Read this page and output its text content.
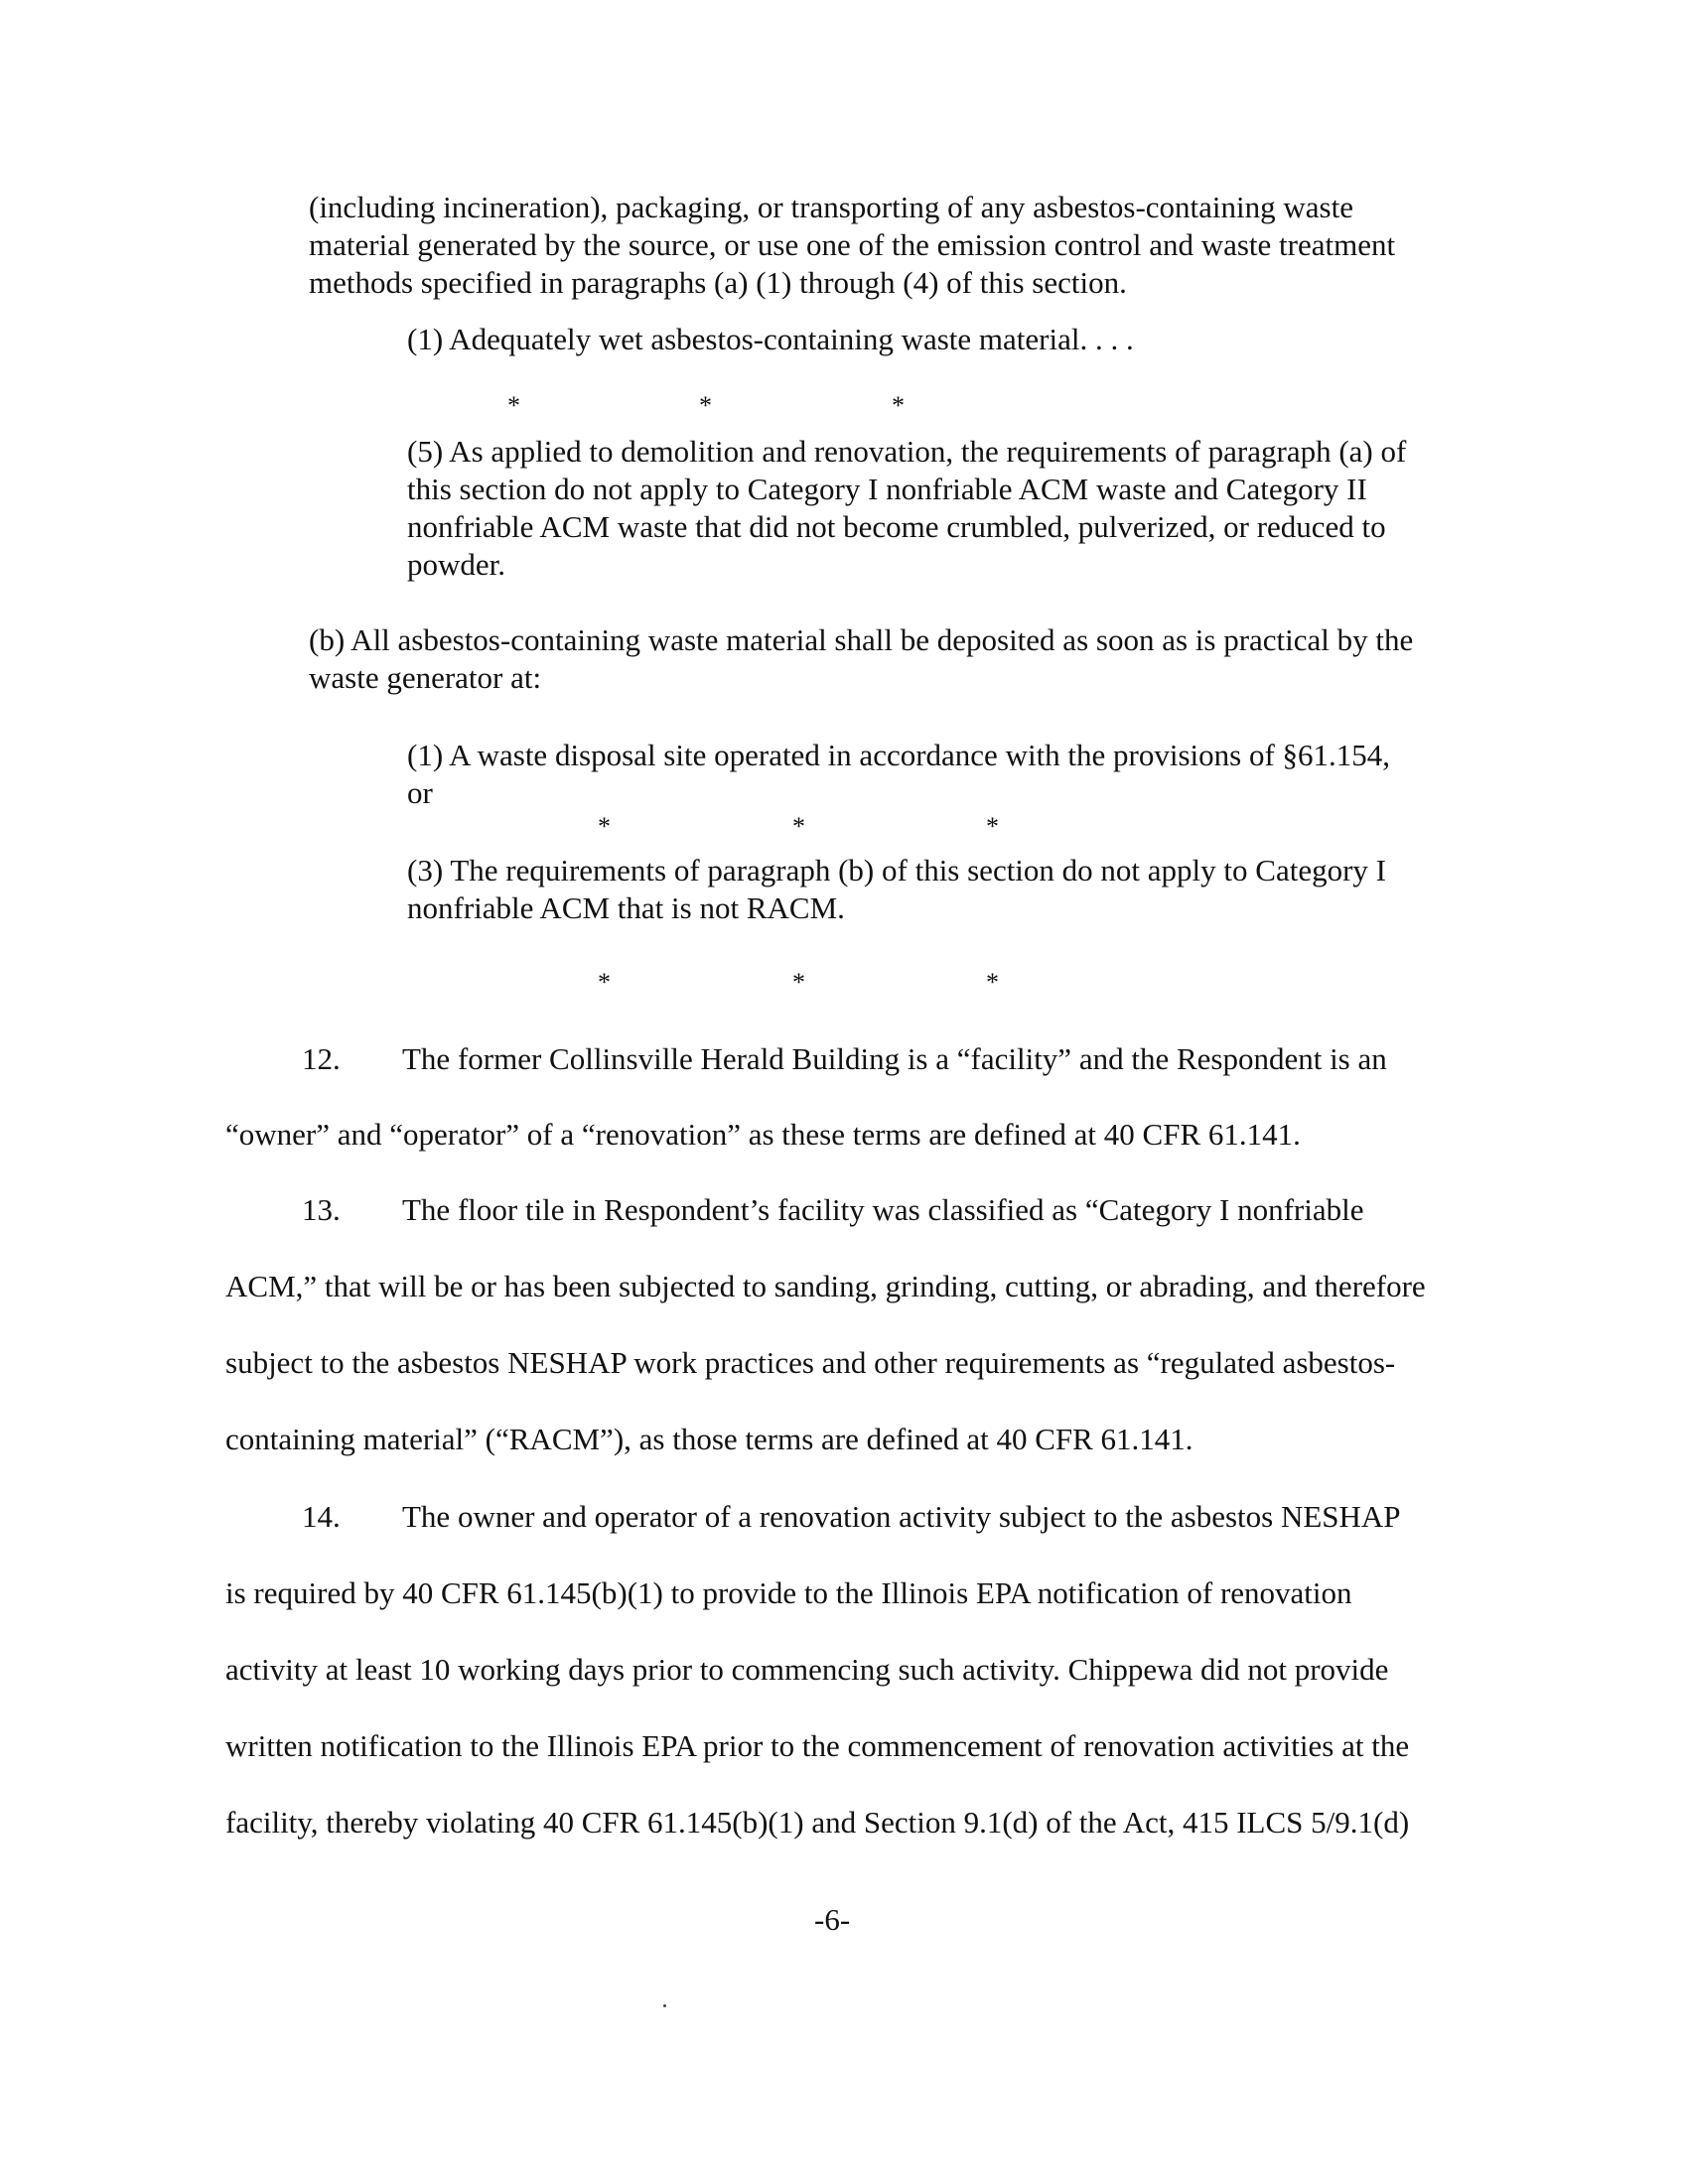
(including incineration), packaging, or transporting of any asbestos-containing waste
material generated by the source, or use one of the emission control and waste treatment
methods specified in paragraphs (a) (1) through (4) of this section.
(1) Adequately wet asbestos-containing waste material. . . .
*	*	*
(5) As applied to demolition and renovation, the requirements of paragraph (a) of
this section do not apply to Category I nonfriable ACM waste and Category II
nonfriable ACM waste that did not become crumbled, pulverized, or reduced to
powder.
(b) All asbestos-containing waste material shall be deposited as soon as is practical by the
waste generator at:
(1) A waste disposal site operated in accordance with the provisions of §61.154,
or
*	*	*
(3) The requirements of paragraph (b) of this section do not apply to Category I
nonfriable ACM that is not RACM.
*	*	*
12. The former Collinsville Herald Building is a “facility” and the Respondent is an
“owner” and “operator” of a “renovation” as these terms are defined at 40 CFR 61.141.
13. The floor tile in Respondent’s facility was classified as “Category I nonfriable
ACM,” that will be or has been subjected to sanding, grinding, cutting, or abrading, and therefore
subject to the asbestos NESHAP work practices and other requirements as “regulated asbestos-
containing material” (“RACM”), as those terms are defined at 40 CFR 61.141.
14. The owner and operator of a renovation activity subject to the asbestos NESHAP
is required by 40 CFR 61.145(b)(1) to provide to the Illinois EPA notification of renovation
activity at least 10 working days prior to commencing such activity. Chippewa did not provide
written notification to the Illinois EPA prior to the commencement of renovation activities at the
facility, thereby violating 40 CFR 61.145(b)(1) and Section 9.1(d) of the Act, 415 ILCS 5/9.1(d)
-6-
